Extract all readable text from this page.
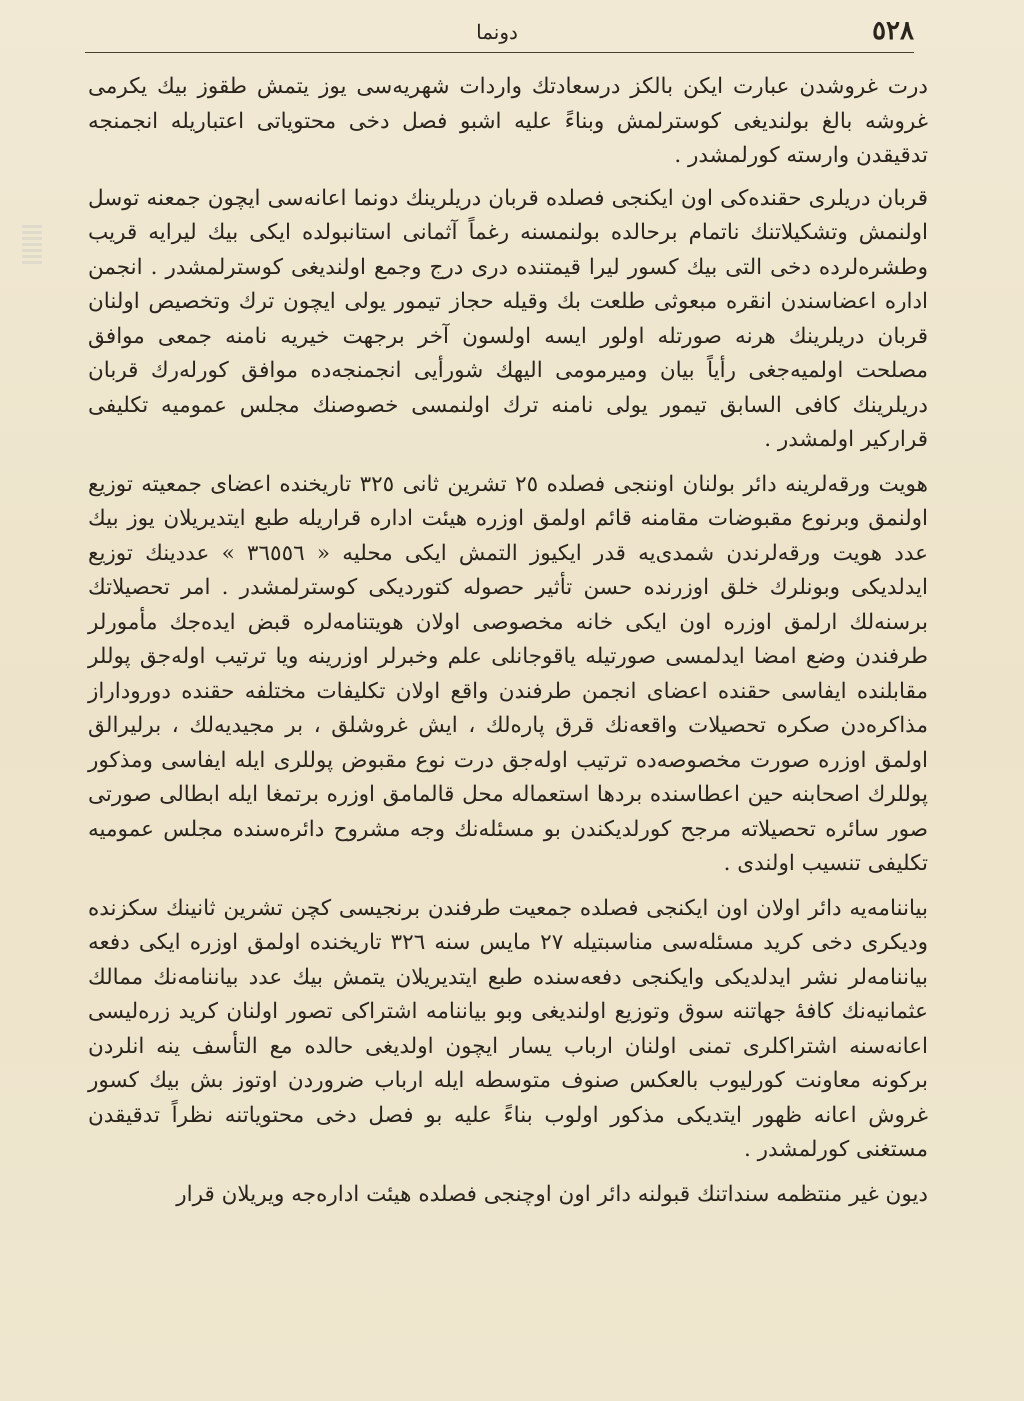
٥٢٨
دونما

درت غروشدن عبارت ایکن بالکز درسعادتك واردات شهریه‌سی یوز یتمش طقوز بیك یکرمی غروشه بالغ بولندیغی کوسترلمش وبناءً علیه اشبو فصل دخی محتویاتی اعتباریله انجمنجه تدقیقدن وارسته کورلمشدر .

قربان دریلری حقنده‌کی اون ایکنجی فصلده قربان دریلرینك دونما اعانه‌سی ایچون جمعنه توسل اولنمش وتشکیلاتنك ناتمام برحالده بولنمسنه رغماً آثمانی استانبولده ایکی بیك لیرایه قریب وطشره‌لرده دخی التی بیك کسور لیرا قیمتنده دری درج وجمع اولندیغی کوسترلمشدر . انجمن اداره اعضاسندن انقره مبعوثی طلعت بك وقیله حجاز تیمور یولی ایچون ترك وتخصیص اولنان قربان دریلرینك هرنه صورتله اولور ایسه اولسون آخر برجهت خیریه نامنه جمعی موافق مصلحت اولمیه‌جغی رأیاً بیان ومیرمومی الیهك شورأیی انجمنجه‌ده موافق کورلەرك قربان دریلرینك کافی السابق تیمور یولی نامنه ترك اولنمسی خصوصنك مجلس عمومیه تکلیفی قرارکیر اولمشدر .

هویت ورقه‌لرینه دائر بولنان اوننجی فصلده ٢٥ تشرین ثانی ٣٢٥ تاریخنده اعضای جمعیته توزیع اولنمق وبرنوع مقبوضات مقامنه قائم اولمق اوزره هیئت اداره قراریله طبع ایتدیریلان یوز بیك عدد هویت ورقه‌لرندن شمدی‌یه قدر ایکیوز التمش ایکی محلیه « ٣٦٥٥٦ » عددینك توزیع ایدلدیکی وبونلرك خلق اوزرنده حسن تأثیر حصوله کتوردیکی کوسترلمشدر . امر تحصیلاتك برسنه‌لك ارلمق اوزره اون ایکی خانه مخصوصی اولان هویتنامه‌لره قبض ایده‌جك مأمورلر طرفندن وضع امضا ایدلمسی صورتیله یاقوجانلی علم وخبرلر اوزرینه ویا ترتیب اوله‌جق پوللر مقابلنده ایفاسی حقنده اعضای انجمن طرفندن واقع اولان تکلیفات مختلفه حقنده دوروداراز مذاکره‌دن صکره تحصیلات واقعه‌نك قرق پاره‌لك ، ایش غروشلق ، بر مجیدیه‌لك ، برلیرالق اولمق اوزره صورت مخصوصه‌ده ترتیب اوله‌جق درت نوع مقبوض پوللری ایله ایفاسی ومذکور پوللرك اصحابنه حین اعطاسنده بردها استعماله محل قالمامق اوزره برتمغا ایله ابطالی صورتی صور سائره تحصیلاته مرجح کورلدیکندن بو مسئله‌نك وجه مشروح دائره‌سنده مجلس عمومیه تکلیفی تنسیب اولندی .

بیاننامه‌یه دائر اولان اون ایکنجی فصلده جمعیت طرفندن برنجیسی کچن تشرین ثانینك سکزنده ودیکری دخی کرید مسئله‌سی مناسبتیله ٢٧ مایس سنه ٣٢٦ تاریخنده اولمق اوزره ایکی دفعه بیاننامه‌لر نشر ایدلدیکی وایکنجی دفعه‌سنده طبع ایتدیریلان یتمش بیك عدد بیاننامه‌نك ممالك عثمانیه‌نك کافهٔ جهاتنه سوق وتوزیع اولندیغی وبو بیاننامه اشتراکی تصور اولنان کرید زره‌لیسی اعانه‌سنه اشتراکلری تمنی اولنان ارباب یسار ایچون اولدیغی حالده مع التأسف ینه انلردن برکونه معاونت کورلیوب بالعکس صنوف متوسطه ایله ارباب ضروردن اوتوز بش بیك کسور غروش اعانه ظهور ایتدیکی مذکور اولوب بناءً علیه بو فصل دخی محتویاتنه نظراً تدقیقدن مستغنی کورلمشدر .

دیون غیر منتظمه سنداتنك قبولنه دائر اون اوچنجی فصلده هیئت اداره‌جه ویریلان قرار
